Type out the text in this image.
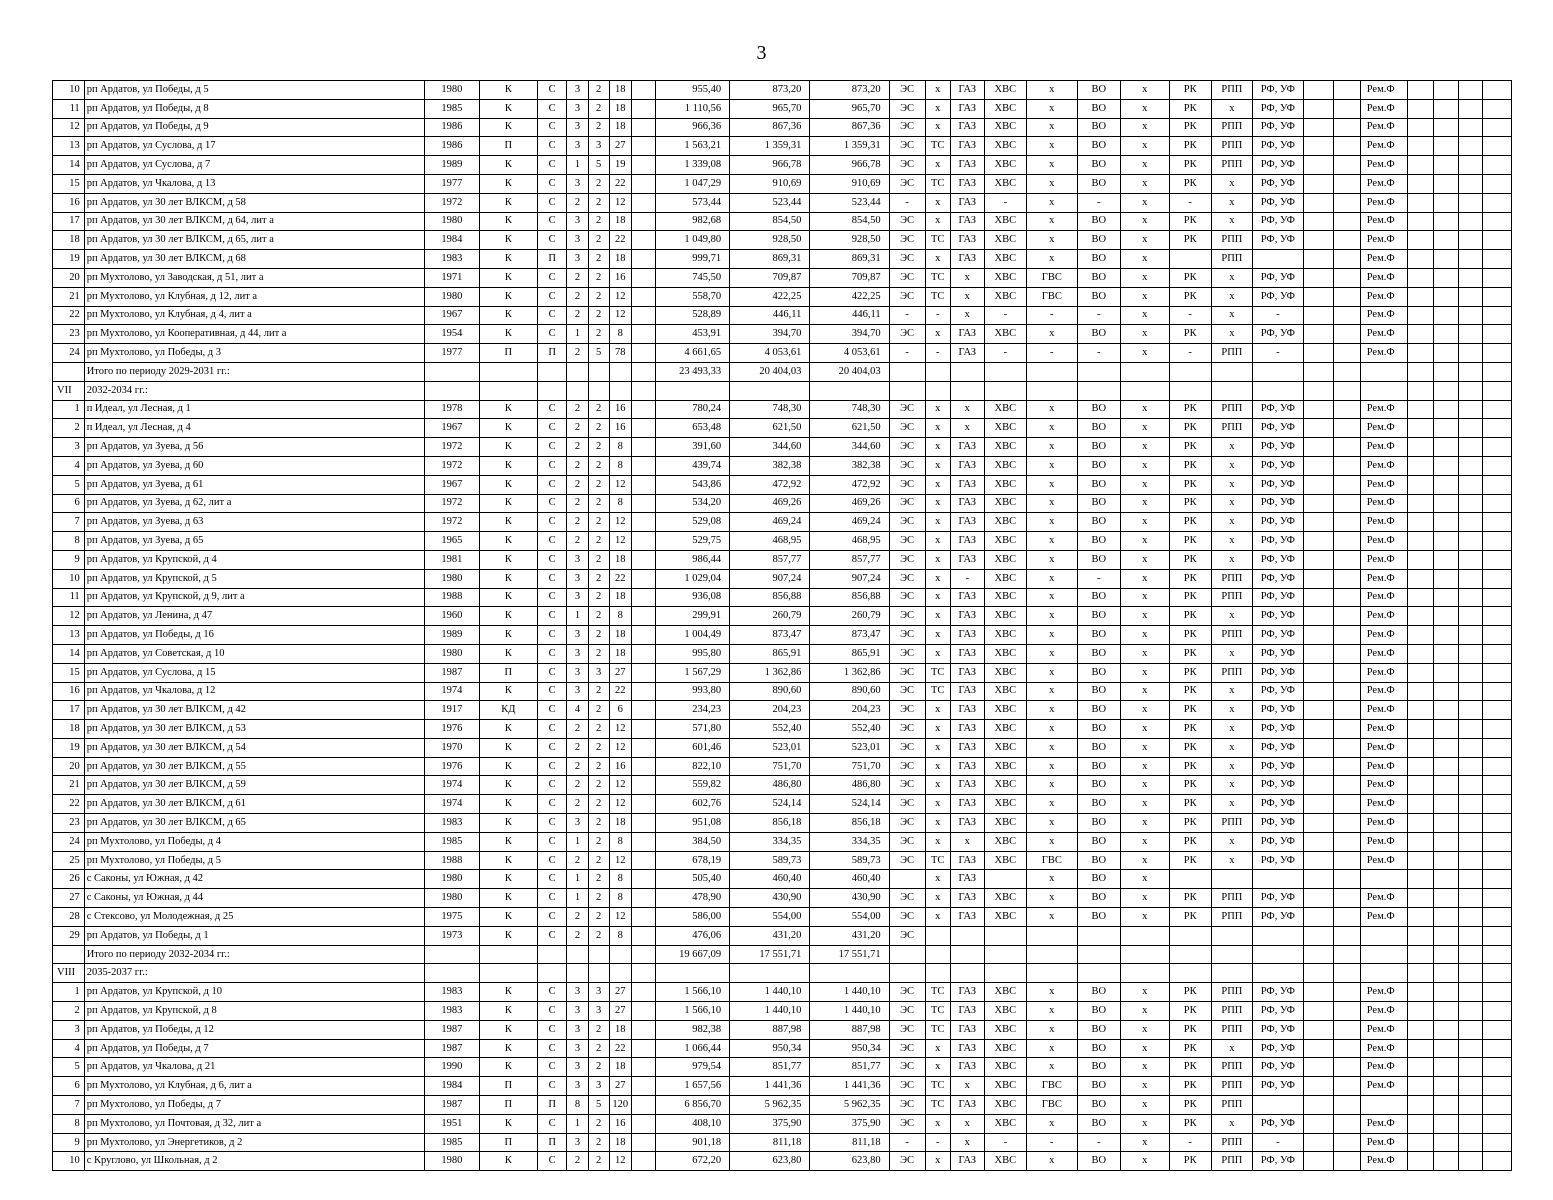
3
10	рп Ардатов, ул Победы, д 5	1980	К	С	3	2	18		955,40	873,20	873,20	ЭС	х	ГАЗ	ХВС	х	ВО	х	РК	РПП	РФ, УФ			Рем.Ф				
11	рп Ардатов, ул Победы, д 8	1985	К	С	3	2	18		1 110,56	965,70	965,70	ЭС	х	ГАЗ	ХВС	х	ВО	х	РК	х	РФ, УФ			Рем.Ф				
12	рп Ардатов, ул Победы, д 9	1986	К	С	3	2	18		966,36	867,36	867,36	ЭС	х	ГАЗ	ХВС	х	ВО	х	РК	РПП	РФ, УФ			Рем.Ф				
13	рп Ардатов, ул Суслова, д 17	1986	П	С	3	3	27		1 563,21	1 359,31	1 359,31	ЭС	ТС	ГАЗ	ХВС	х	ВО	х	РК	РПП	РФ, УФ			Рем.Ф				
14	рп Ардатов, ул Суслова, д 7	1989	К	С	1	5	19		1 339,08	966,78	966,78	ЭС	х	ГАЗ	ХВС	х	ВО	х	РК	РПП	РФ, УФ			Рем.Ф				
15	рп Ардатов, ул Чкалова, д 13	1977	К	С	3	2	22		1 047,29	910,69	910,69	ЭС	ТС	ГАЗ	ХВС	х	ВО	х	РК	х	РФ, УФ			Рем.Ф				
16	рп Ардатов, ул 30 лет ВЛКСМ, д 58	1972	К	С	2	2	12		573,44	523,44	523,44	-	х	ГАЗ	-	х	-	х	-	х	РФ, УФ			Рем.Ф				
17	рп Ардатов, ул 30 лет ВЛКСМ, д 64, лит а	1980	К	С	3	2	18		982,68	854,50	854,50	ЭС	х	ГАЗ	ХВС	х	ВО	х	РК	х	РФ, УФ			Рем.Ф				
18	рп Ардатов, ул 30 лет ВЛКСМ, д 65, лит а	1984	К	С	3	2	22		1 049,80	928,50	928,50	ЭС	ТС	ГАЗ	ХВС	х	ВО	х	РК	РПП	РФ, УФ			Рем.Ф				
19	рп Ардатов, ул 30 лет ВЛКСМ, д 68	1983	К	П	3	2	18		999,71	869,31	869,31	ЭС	х	ГАЗ	ХВС	х	ВО	х		РПП				Рем.Ф				
20	рп Мухтолово, ул Заводская, д 51, лит а	1971	К	С	2	2	16		745,50	709,87	709,87	ЭС	ТС	х	ХВС	ГВС	ВО	х	РК	х	РФ, УФ			Рем.Ф				
21	рп Мухтолово, ул Клубная, д 12, лит а	1980	К	С	2	2	12		558,70	422,25	422,25	ЭС	ТС	х	ХВС	ГВС	ВО	х	РК	х	РФ, УФ			Рем.Ф				
22	рп Мухтолово, ул Клубная, д 4, лит а	1967	К	С	2	2	12		528,89	446,11	446,11	-	-	х	-	-	-	х	-	х	-			Рем.Ф				
23	рп Мухтолово, ул Кооперативная, д 44, лит а	1954	К	С	1	2	8		453,91	394,70	394,70	ЭС	х	ГАЗ	ХВС	х	ВО	х	РК	х	РФ, УФ			Рем.Ф				
24	рп Мухтолово, ул Победы, д 3	1977	П	П	2	5	78		4 661,65	4 053,61	4 053,61	-	-	ГАЗ	-	-	-	х	-	РПП	-			Рем.Ф				
	Итого по периоду 2029-2031 гг.:								23 493,33	20 404,03	20 404,03																	
VII	2032-2034 гг.:																											
1	п Идеал, ул Лесная, д 1	1978	К	С	2	2	16		780,24	748,30	748,30	ЭС	х	х	ХВС	х	ВО	х	РК	РПП	РФ, УФ			Рем.Ф				
2	п Идеал, ул Лесная, д 4	1967	К	С	2	2	16		653,48	621,50	621,50	ЭС	х	х	ХВС	х	ВО	х	РК	РПП	РФ, УФ			Рем.Ф				
3	рп Ардатов, ул Зуева, д 56	1972	К	С	2	2	8		391,60	344,60	344,60	ЭС	х	ГАЗ	ХВС	х	ВО	х	РК	х	РФ, УФ			Рем.Ф				
4	рп Ардатов, ул Зуева, д 60	1972	К	С	2	2	8		439,74	382,38	382,38	ЭС	х	ГАЗ	ХВС	х	ВО	х	РК	х	РФ, УФ			Рем.Ф				
5	рп Ардатов, ул Зуева, д 61	1967	К	С	2	2	12		543,86	472,92	472,92	ЭС	х	ГАЗ	ХВС	х	ВО	х	РК	х	РФ, УФ			Рем.Ф				
6	рп Ардатов, ул Зуева, д 62, лит а	1972	К	С	2	2	8		534,20	469,26	469,26	ЭС	х	ГАЗ	ХВС	х	ВО	х	РК	х	РФ, УФ			Рем.Ф				
7	рп Ардатов, ул Зуева, д 63	1972	К	С	2	2	12		529,08	469,24	469,24	ЭС	х	ГАЗ	ХВС	х	ВО	х	РК	х	РФ, УФ			Рем.Ф				
8	рп Ардатов, ул Зуева, д 65	1965	К	С	2	2	12		529,75	468,95	468,95	ЭС	х	ГАЗ	ХВС	х	ВО	х	РК	х	РФ, УФ			Рем.Ф				
9	рп Ардатов, ул Крупской, д 4	1981	К	С	3	2	18		986,44	857,77	857,77	ЭС	х	ГАЗ	ХВС	х	ВО	х	РК	х	РФ, УФ			Рем.Ф				
10	рп Ардатов, ул Крупской, д 5	1980	К	С	3	2	22		1 029,04	907,24	907,24	ЭС	х	-	ХВС	х	-	х	РК	РПП	РФ, УФ			Рем.Ф				
11	рп Ардатов, ул Крупской, д 9, лит а	1988	К	С	3	2	18		936,08	856,88	856,88	ЭС	х	ГАЗ	ХВС	х	ВО	х	РК	РПП	РФ, УФ			Рем.Ф				
12	рп Ардатов, ул Ленина, д 47	1960	К	С	1	2	8		299,91	260,79	260,79	ЭС	х	ГАЗ	ХВС	х	ВО	х	РК	х	РФ, УФ			Рем.Ф				
13	рп Ардатов, ул Победы, д 16	1989	К	С	3	2	18		1 004,49	873,47	873,47	ЭС	х	ГАЗ	ХВС	х	ВО	х	РК	РПП	РФ, УФ			Рем.Ф				
14	рп Ардатов, ул Советская, д 10	1980	К	С	3	2	18		995,80	865,91	865,91	ЭС	х	ГАЗ	ХВС	х	ВО	х	РК	х	РФ, УФ			Рем.Ф				
15	рп Ардатов, ул Суслова, д 15	1987	П	С	3	3	27		1 567,29	1 362,86	1 362,86	ЭС	ТС	ГАЗ	ХВС	х	ВО	х	РК	РПП	РФ, УФ			Рем.Ф				
16	рп Ардатов, ул Чкалова, д 12	1974	К	С	3	2	22		993,80	890,60	890,60	ЭС	ТС	ГАЗ	ХВС	х	ВО	х	РК	х	РФ, УФ			Рем.Ф				
17	рп Ардатов, ул 30 лет ВЛКСМ, д 42	1917	КД	С	4	2	6		234,23	204,23	204,23	ЭС	х	ГАЗ	ХВС	х	ВО	х	РК	х	РФ, УФ			Рем.Ф				
18	рп Ардатов, ул 30 лет ВЛКСМ, д 53	1976	К	С	2	2	12		571,80	552,40	552,40	ЭС	х	ГАЗ	ХВС	х	ВО	х	РК	х	РФ, УФ			Рем.Ф				
19	рп Ардатов, ул 30 лет ВЛКСМ, д 54	1970	К	С	2	2	12		601,46	523,01	523,01	ЭС	х	ГАЗ	ХВС	х	ВО	х	РК	х	РФ, УФ			Рем.Ф				
20	рп Ардатов, ул 30 лет ВЛКСМ, д 55	1976	К	С	2	2	16		822,10	751,70	751,70	ЭС	х	ГАЗ	ХВС	х	ВО	х	РК	х	РФ, УФ			Рем.Ф				
21	рп Ардатов, ул 30 лет ВЛКСМ, д 59	1974	К	С	2	2	12		559,82	486,80	486,80	ЭС	х	ГАЗ	ХВС	х	ВО	х	РК	х	РФ, УФ			Рем.Ф				
22	рп Ардатов, ул 30 лет ВЛКСМ, д 61	1974	К	С	2	2	12		602,76	524,14	524,14	ЭС	х	ГАЗ	ХВС	х	ВО	х	РК	х	РФ, УФ			Рем.Ф				
23	рп Ардатов, ул 30 лет ВЛКСМ, д 65	1983	К	С	3	2	18		951,08	856,18	856,18	ЭС	х	ГАЗ	ХВС	х	ВО	х	РК	РПП	РФ, УФ			Рем.Ф				
24	рп Мухтолово, ул Победы, д 4	1985	К	С	1	2	8		384,50	334,35	334,35	ЭС	х	х	ХВС	х	ВО	х	РК	х	РФ, УФ			Рем.Ф				
25	рп Мухтолово, ул Победы, д 5	1988	К	С	2	2	12		678,19	589,73	589,73	ЭС	ТС	ГАЗ	ХВС	ГВС	ВО	х	РК	х	РФ, УФ			Рем.Ф				
26	с Саконы, ул Южная, д 42	1980	К	С	1	2	8		505,40	460,40	460,40		х	ГАЗ		х	ВО	х										
27	с Саконы, ул Южная, д 44	1980	К	С	1	2	8		478,90	430,90	430,90	ЭС	х	ГАЗ	ХВС	х	ВО	х	РК	РПП	РФ, УФ			Рем.Ф				
28	с Стексово, ул Молодежная, д 25	1975	К	С	2	2	12		586,00	554,00	554,00	ЭС	х	ГАЗ	ХВС	х	ВО	х	РК	РПП	РФ, УФ			Рем.Ф				
29	рп Ардатов, ул Победы, д 1	1973	К	С	2	2	8		476,06	431,20	431,20	ЭС																
	Итого по периоду 2032-2034 гг.:								19 667,09	17 551,71	17 551,71																	
VIII	2035-2037 гг.:																											
1	рп Ардатов, ул Крупской, д 10	1983	К	С	3	3	27		1 566,10	1 440,10	1 440,10	ЭС	ТС	ГАЗ	ХВС	х	ВО	х	РК	РПП	РФ, УФ			Рем.Ф				
2	рп Ардатов, ул Крупской, д 8	1983	К	С	3	3	27		1 566,10	1 440,10	1 440,10	ЭС	ТС	ГАЗ	ХВС	х	ВО	х	РК	РПП	РФ, УФ			Рем.Ф				
3	рп Ардатов, ул Победы, д 12	1987	К	С	3	2	18		982,38	887,98	887,98	ЭС	ТС	ГАЗ	ХВС	х	ВО	х	РК	РПП	РФ, УФ			Рем.Ф				
4	рп Ардатов, ул Победы, д 7	1987	К	С	3	2	22		1 066,44	950,34	950,34	ЭС	х	ГАЗ	ХВС	х	ВО	х	РК	х	РФ, УФ			Рем.Ф				
5	рп Ардатов, ул Чкалова, д 21	1990	К	С	3	2	18		979,54	851,77	851,77	ЭС	х	ГАЗ	ХВС	х	ВО	х	РК	РПП	РФ, УФ			Рем.Ф				
6	рп Мухтолово, ул Клубная, д 6, лит а	1984	П	С	3	3	27		1 657,56	1 441,36	1 441,36	ЭС	ТС	х	ХВС	ГВС	ВО	х	РК	РПП	РФ, УФ			Рем.Ф				
7	рп Мухтолово, ул Победы, д 7	1987	П	П	8	5	120		6 856,70	5 962,35	5 962,35	ЭС	ТС	ГАЗ	ХВС	ГВС	ВО	х	РК	РПП								
8	рп Мухтолово, ул Почтовая, д 32, лит а	1951	К	С	1	2	16		408,10	375,90	375,90	ЭС	х	х	ХВС	х	ВО	х	РК	х	РФ, УФ			Рем.Ф				
9	рп Мухтолово, ул Энергетиков, д 2	1985	П	П	3	2	18		901,18	811,18	811,18	-	-	х	-	-	-	х	-	РПП	-			Рем.Ф				
10	с Круглово, ул Школьная, д 2	1980	К	С	2	2	12		672,20	623,80	623,80	ЭС	х	ГАЗ	ХВС	х	ВО	х	РК	РПП	РФ, УФ			Рем.Ф				
